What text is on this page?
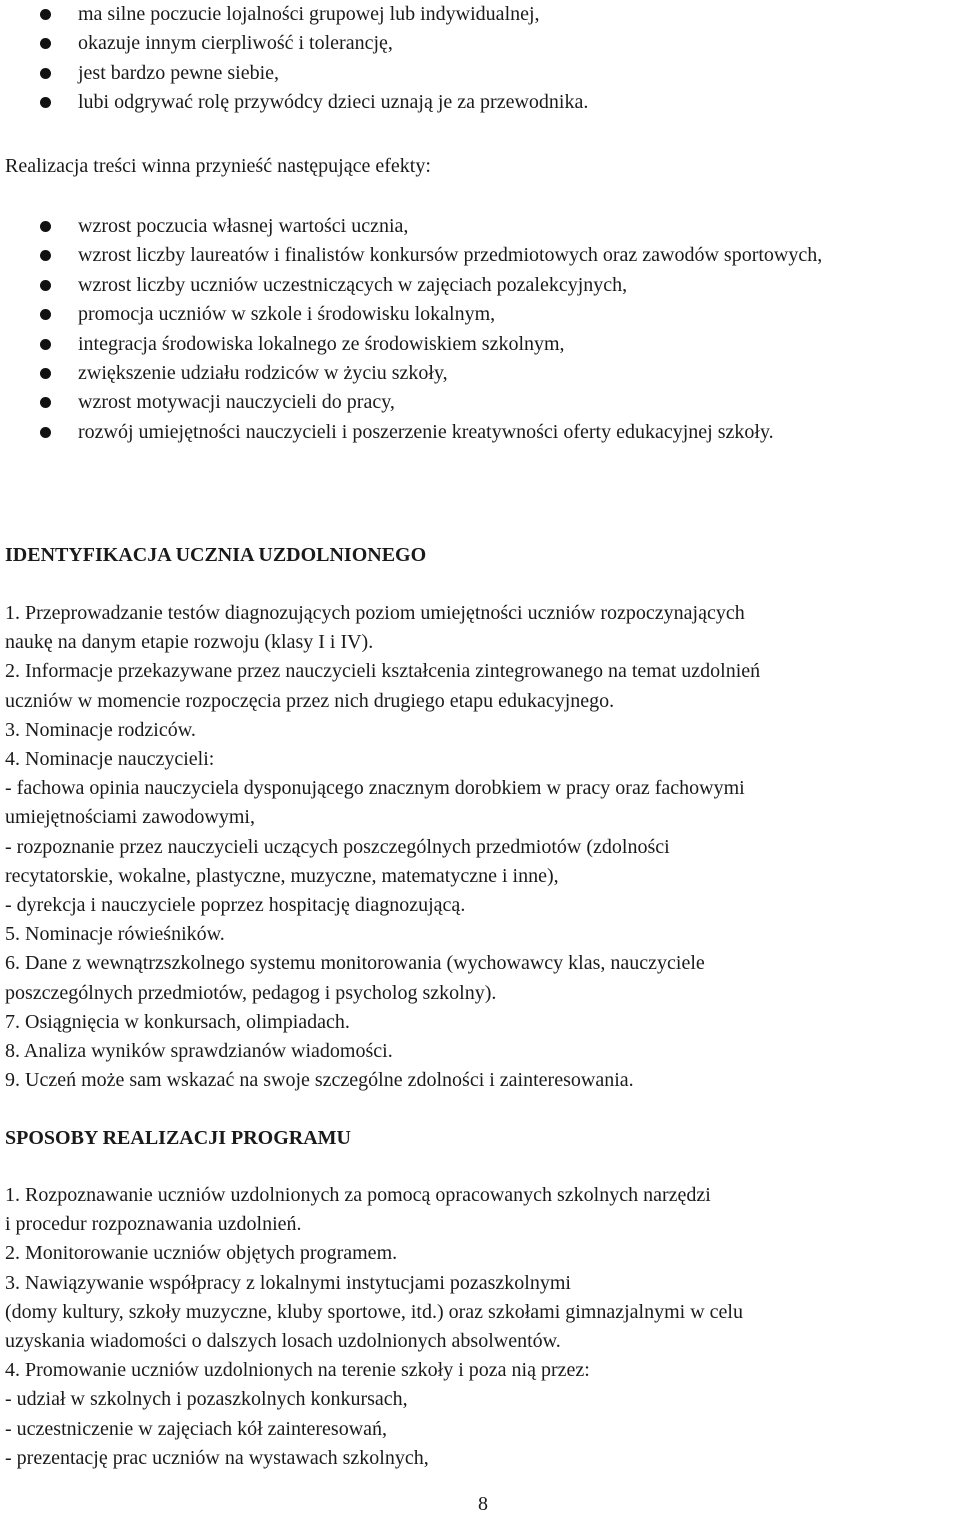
ma silne poczucie lojalności grupowej lub indywidualnej,
okazuje innym cierpliwość i tolerancję,
jest bardzo pewne siebie,
lubi odgrywać rolę przywódcy dzieci uznają je za przewodnika.

Realizacja treści winna przynieść następujące efekty:

wzrost poczucia własnej wartości ucznia,
wzrost liczby laureatów i finalistów konkursów przedmiotowych oraz zawodów sportowych,
wzrost liczby uczniów uczestniczących w zajęciach pozalekcyjnych,
promocja uczniów w szkole i środowisku lokalnym,
integracja środowiska lokalnego ze środowiskiem szkolnym,
zwiększenie udziału rodziców w życiu szkoły,
wzrost motywacji nauczycieli do pracy,
rozwój umiejętności nauczycieli i poszerzenie kreatywności oferty edukacyjnej szkoły.
IDENTYFIKACJA UCZNIA UZDOLNIONEGO
1. Przeprowadzanie testów diagnozujących poziom umiejętności uczniów rozpoczynających
naukę na danym etapie rozwoju (klasy I i IV).
2. Informacje przekazywane przez nauczycieli kształcenia zintegrowanego na temat uzdolnień
uczniów w momencie rozpoczęcia przez nich drugiego etapu edukacyjnego.
3. Nominacje rodziców.
4. Nominacje nauczycieli:
- fachowa opinia nauczyciela dysponującego znacznym dorobkiem w pracy oraz fachowymi
umiejętnościami zawodowymi,
- rozpoznanie przez nauczycieli uczących poszczególnych przedmiotów (zdolności
recytatorskie, wokalne, plastyczne, muzyczne, matematyczne i inne),
- dyrekcja i nauczyciele poprzez hospitację diagnozującą.
5. Nominacje rówieśników.
6. Dane z wewnątrzszkolnego systemu monitorowania (wychowawcy klas, nauczyciele
poszczególnych przedmiotów, pedagog i psycholog szkolny).
7. Osiągnięcia w konkursach, olimpiadach.
8. Analiza wyników sprawdzianów wiadomości.
9. Uczeń może sam wskazać na swoje szczególne zdolności i zainteresowania.
SPOSOBY REALIZACJI PROGRAMU
1. Rozpoznawanie uczniów uzdolnionych za pomocą opracowanych szkolnych narzędzi
i procedur rozpoznawania uzdolnień.
2. Monitorowanie uczniów objętych programem.
3. Nawiązywanie współpracy z lokalnymi instytucjami pozaszkolnymi
(domy kultury, szkoły muzyczne, kluby sportowe, itd.) oraz szkołami gimnazjalnymi w celu
uzyskania wiadomości o dalszych losach uzdolnionych absolwentów.
4. Promowanie uczniów uzdolnionych na terenie szkoły i poza nią przez:
- udział w szkolnych i pozaszkolnych konkursach,
- uczestniczenie w zajęciach kół zainteresowań,
- prezentację prac uczniów na wystawach szkolnych,
8
